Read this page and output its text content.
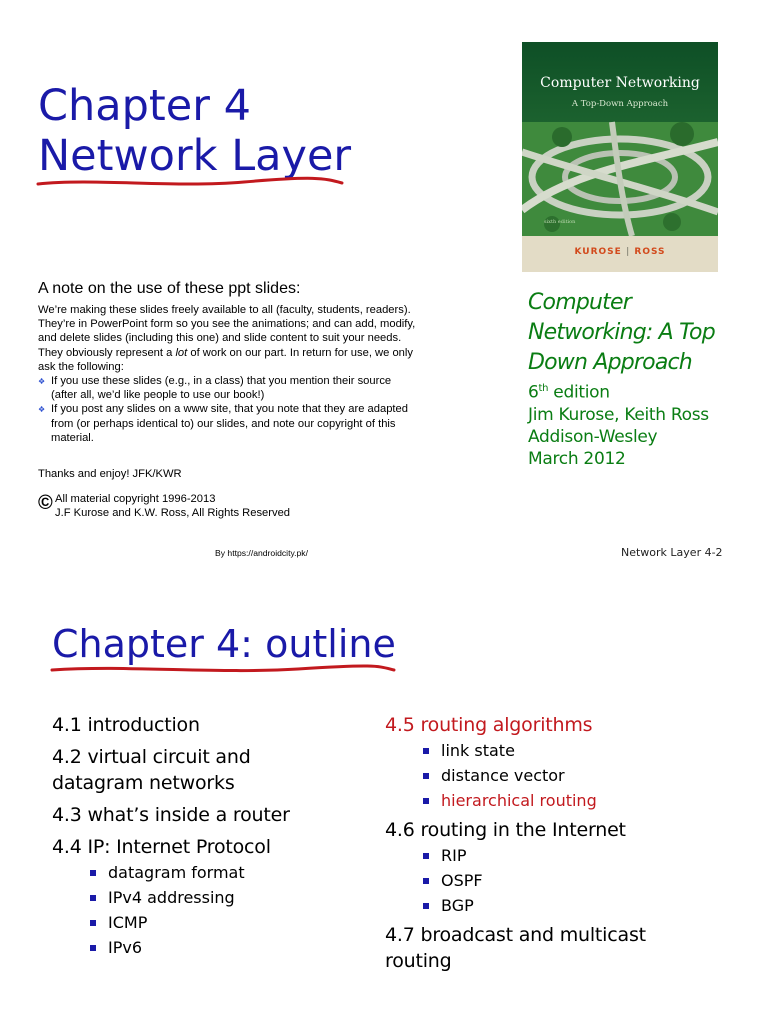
Chapter 4
Network Layer
A note on the use of these ppt slides:

We’re making these slides freely available to all (faculty, students, readers).

They’re in PowerPoint form so you see the animations; and can add, modify,

and delete slides (including this one) and slide content to suit your needs.

They obviously represent a lot of work on our part. In return for use, we only

ask the following:

❖ If you use these slides (e.g., in a class) that you mention their source

(after all, we’d like people to use our book!)

❖ If you post any slides on a www site, that you note that they are adapted

from (or perhaps identical to) our slides, and note our copyright of this

material.

Thanks and enjoy! JFK/KWR
© All material copyright 1996-2013
J.F Kurose and K.W. Ross, All Rights Reserved
By https://androidcity.pk/	Network Layer 4-2
Computer Networking
A Top-Down Approach
sixth edition
KUROSE | ROSS
Computer
Networking: A Top
Down Approach
6th edition
Jim Kurose, Keith Ross
Addison-Wesley
March 2012
Chapter 4: outline
4.1 introduction
4.2 virtual circuit and
datagram networks
4.3 what’s inside a router
4.4 IP: Internet Protocol
datagram format
IPv4 addressing
ICMP
IPv6
4.5 routing algorithms
link state
distance vector
hierarchical routing
4.6 routing in the Internet
RIP
OSPF
BGP
4.7 broadcast and multicast
routing
